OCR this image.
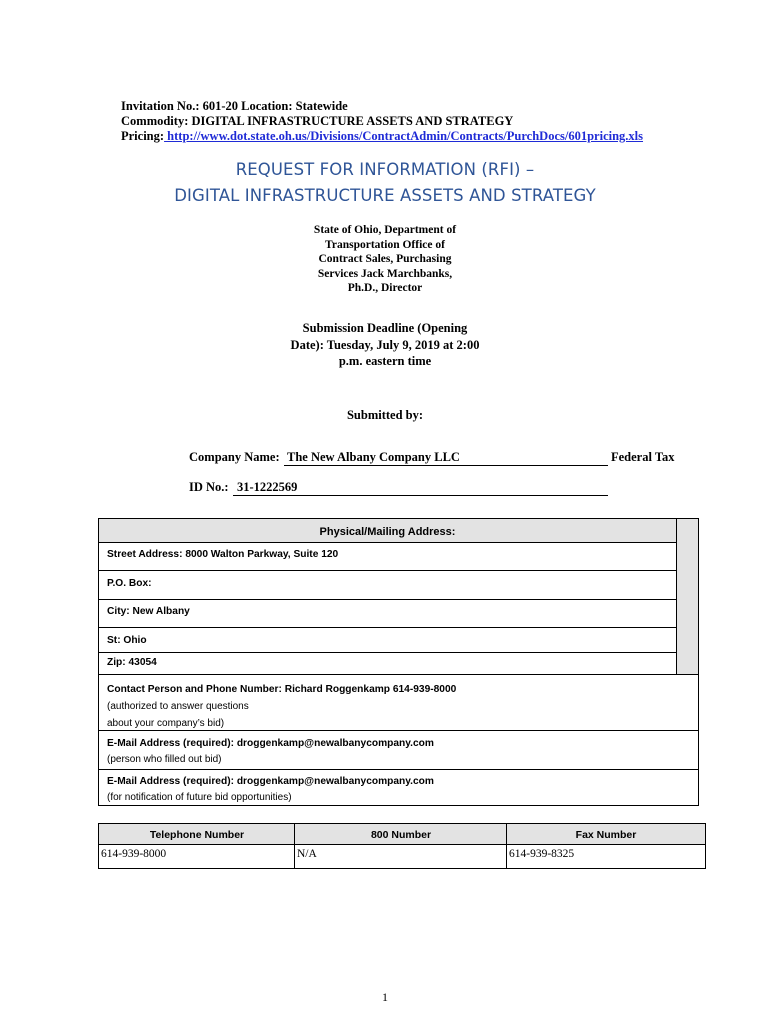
Invitation No.: 601-20 Location: Statewide
Commodity: DIGITAL INFRASTRUCTURE ASSETS AND STRATEGY
Pricing: http://www.dot.state.oh.us/Divisions/ContractAdmin/Contracts/PurchDocs/601pricing.xls
REQUEST FOR INFORMATION (RFI) –
DIGITAL INFRASTRUCTURE ASSETS AND STRATEGY
State of Ohio, Department of
Transportation Office of
Contract Sales, Purchasing
Services Jack Marchbanks,
Ph.D., Director
Submission Deadline (Opening
Date): Tuesday, July 9, 2019 at 2:00
p.m. eastern time
Submitted by:
Company Name: The New Albany Company LLC	Federal Tax
ID No.: 31-1222569
Physical/Mailing Address:
Street Address: 8000 Walton Parkway, Suite 120
P.O. Box:
City: New Albany
St: Ohio
Zip: 43054
Contact Person and Phone Number: Richard Roggenkamp 614-939-8000
(authorized to answer questions
about your company’s bid)
E-Mail Address (required): droggenkamp@newalbanycompany.com
(person who filled out bid)
E-Mail Address (required): droggenkamp@newalbanycompany.com
(for notification of future bid opportunities)
Telephone Number	800 Number	Fax Number
614-939-8000	N/A	614-939-8325
1
